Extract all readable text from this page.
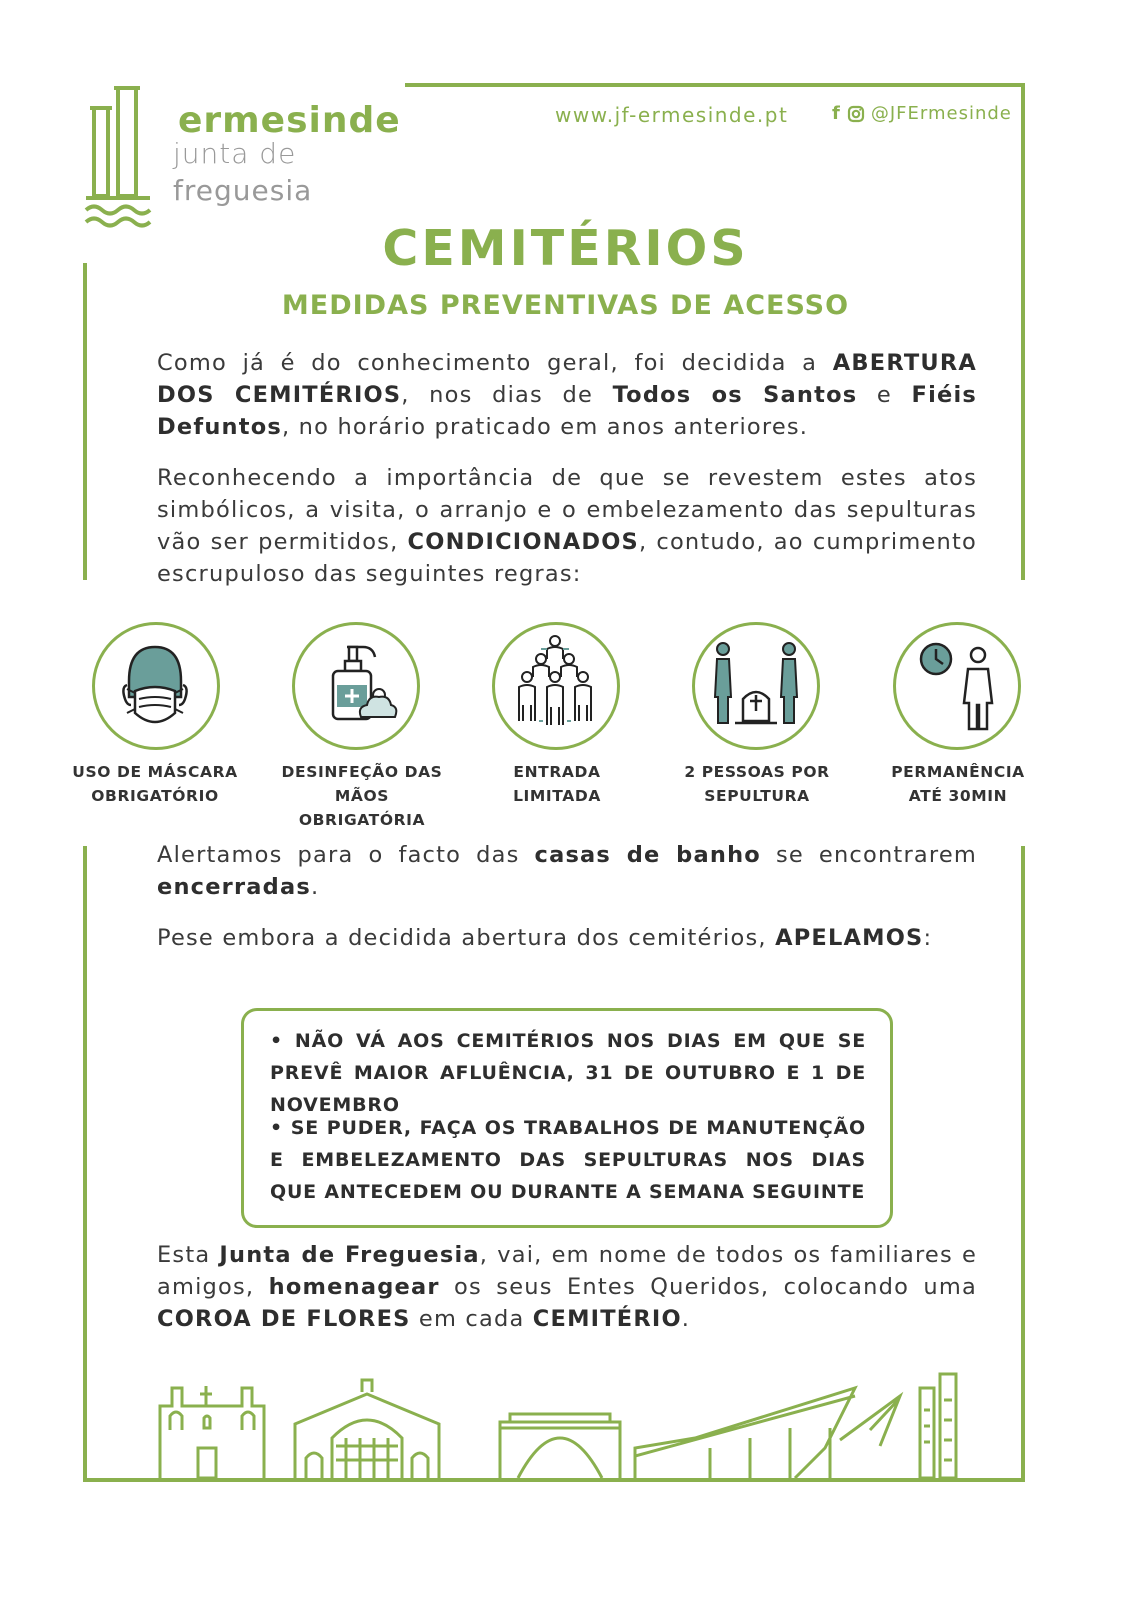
ermesinde
junta de
freguesia
www.jf-ermesinde.pt f @JFErmesinde
CEMITÉRIOS
MEDIDAS PREVENTIVAS DE ACESSO
Como já é do conhecimento geral, foi decidida a ABERTURA DOS CEMITÉRIOS, nos dias de Todos os Santos e Fiéis Defuntos, no horário praticado em anos anteriores.
Reconhecendo a importância de que se revestem estes atos simbólicos, a visita, o arranjo e o embelezamento das sepulturas vão ser permitidos, CONDICIONADOS, contudo, ao cumprimento escrupuloso das seguintes regras:
USO DE MÁSCARA
OBRIGATÓRIO
DESINFEÇÃO DAS MÃOS
OBRIGATÓRIA
ENTRADA
LIMITADA
2 PESSOAS POR
SEPULTURA
PERMANÊNCIA
ATÉ 30MIN
Alertamos para o facto das casas de banho se encontrarem encerradas.
Pese embora a decidida abertura dos cemitérios, APELAMOS:
• NÃO VÁ AOS CEMITÉRIOS NOS DIAS EM QUE SE PREVÊ MAIOR AFLUÊNCIA, 31 DE OUTUBRO E 1 DE NOVEMBRO
• SE PUDER, FAÇA OS TRABALHOS DE MANUTENÇÃO E EMBELEZAMENTO DAS SEPULTURAS NOS DIAS QUE ANTECEDEM OU DURANTE A SEMANA SEGUINTE
Esta Junta de Freguesia, vai, em nome de todos os familiares e amigos, homenagear os seus Entes Queridos, colocando uma COROA DE FLORES em cada CEMITÉRIO.
